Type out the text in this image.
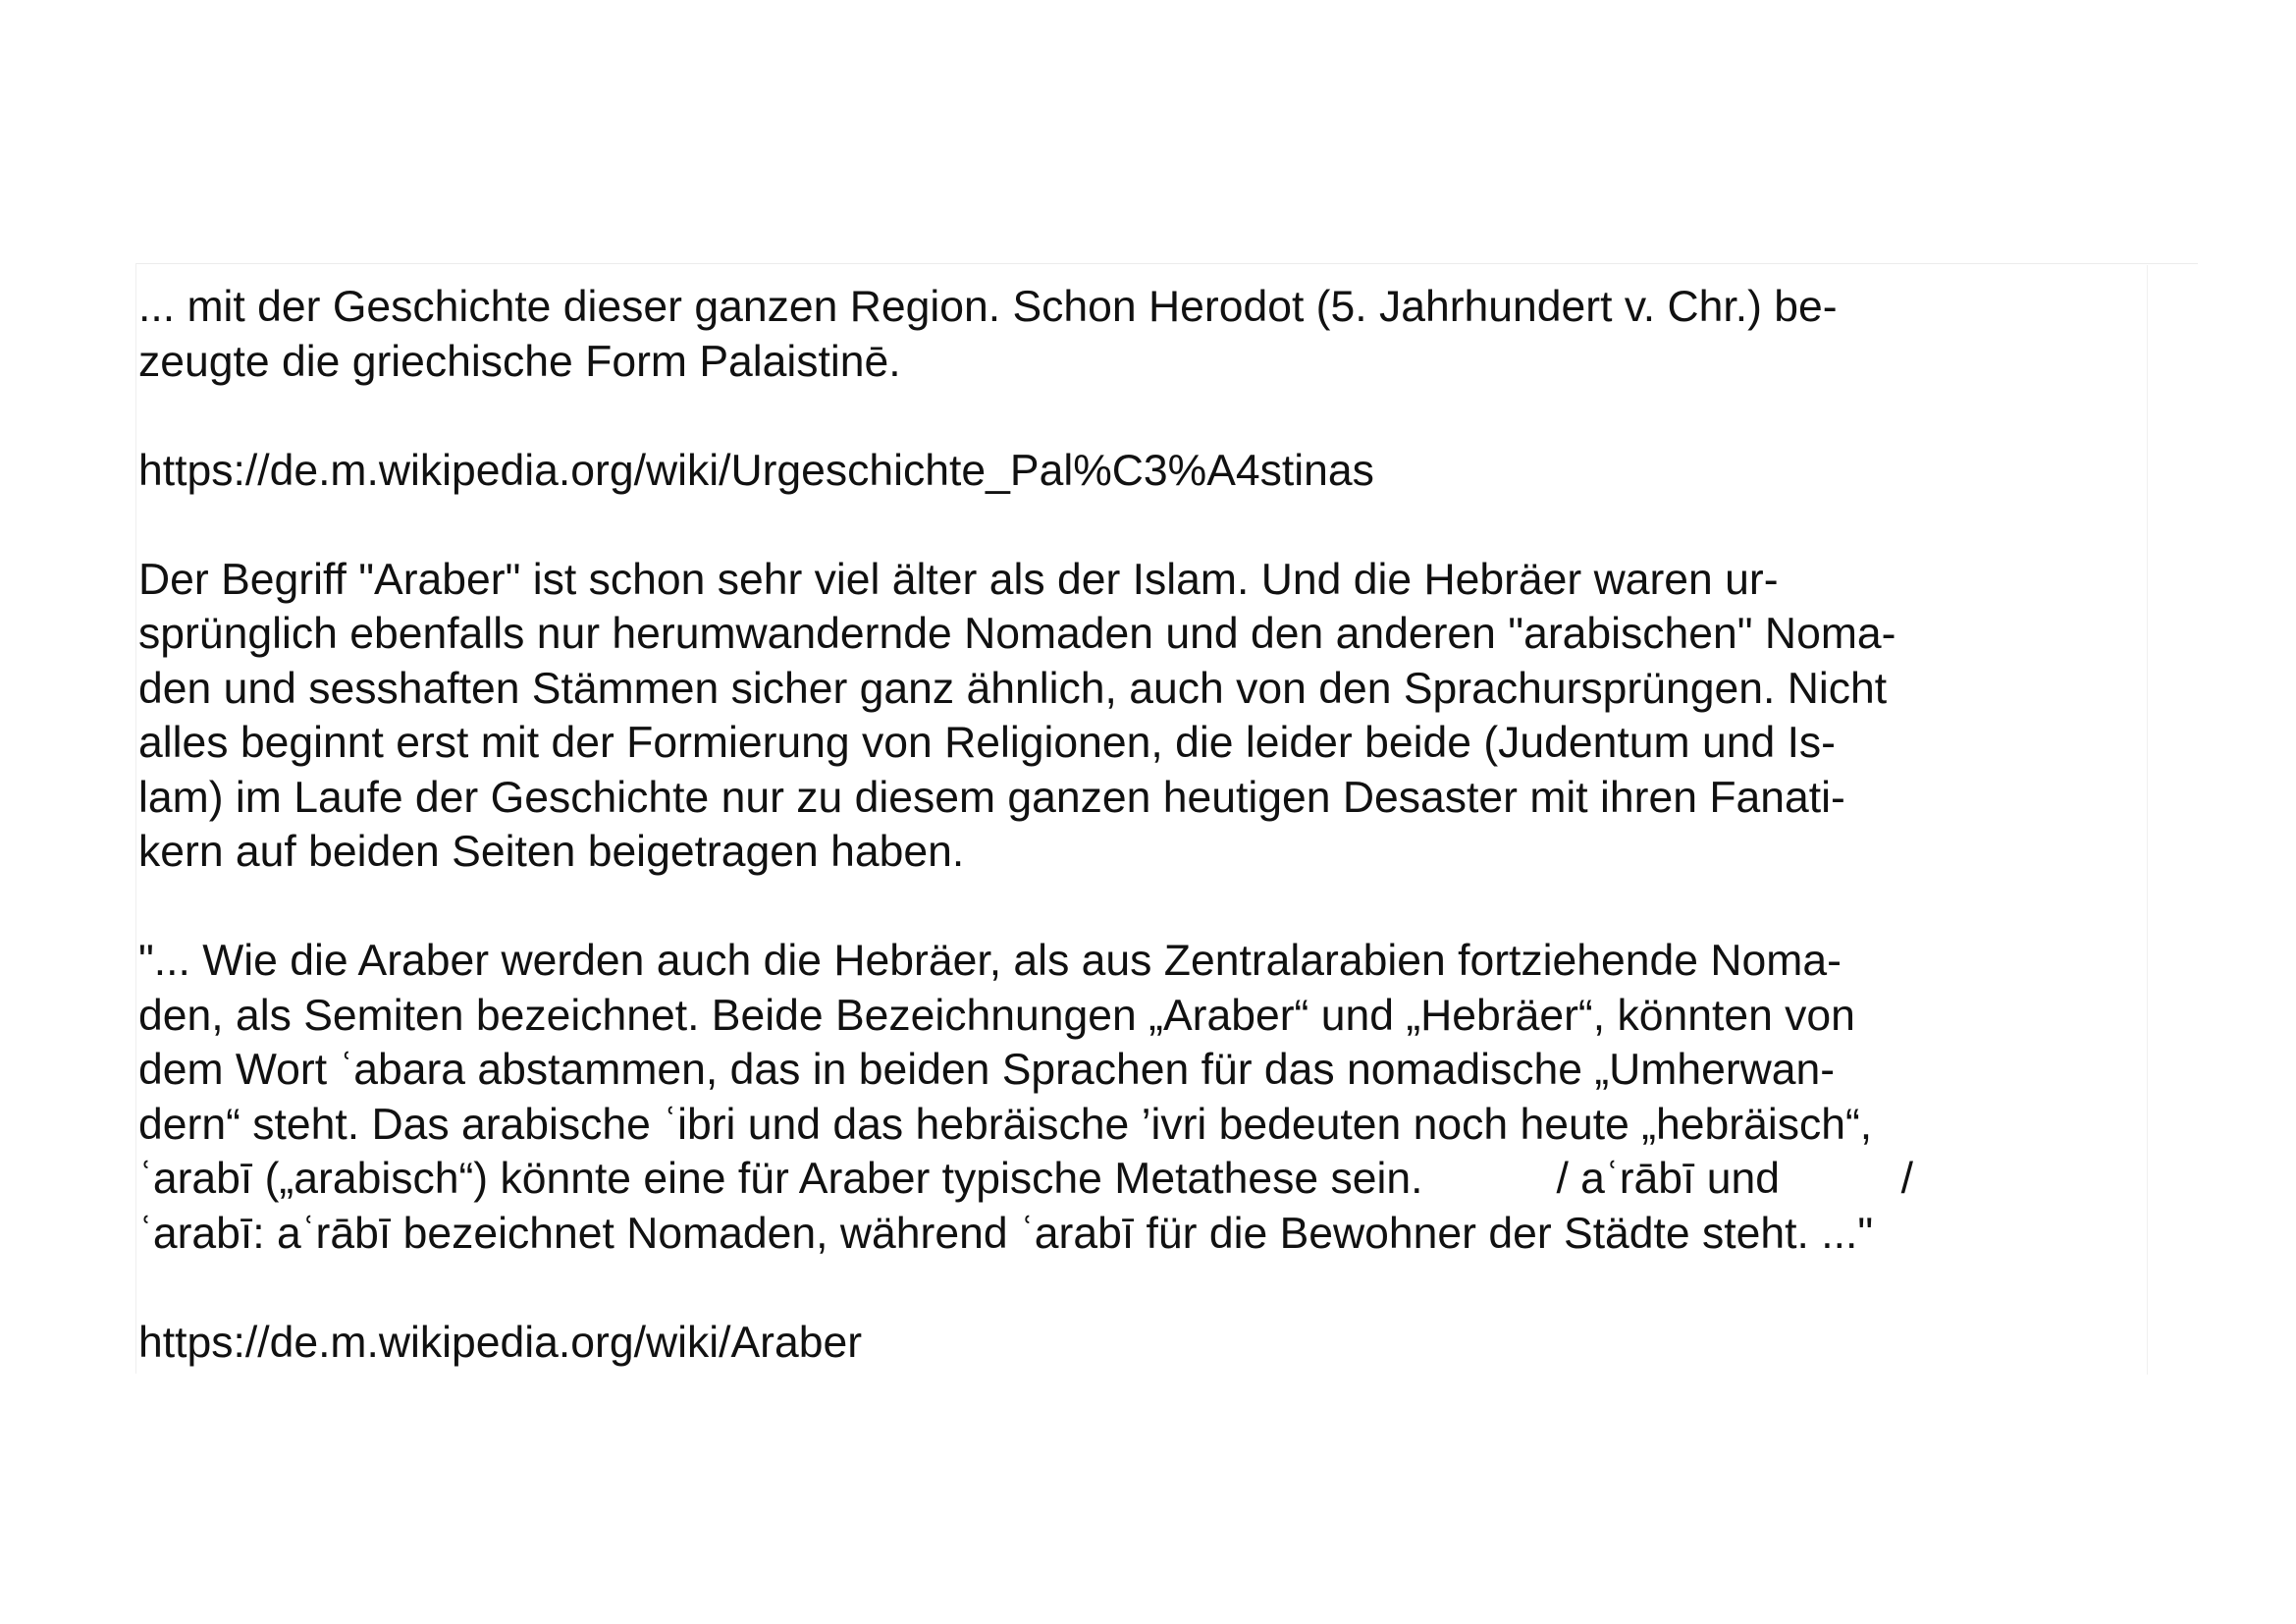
... mit der Geschichte dieser ganzen Region. Schon Herodot (5. Jahrhundert v. Chr.) be-
zeugte die griechische Form Palaistinē.
https://de.m.wikipedia.org/wiki/Urgeschichte_Pal%C3%A4stinas
Der Begriff "Araber" ist schon sehr viel älter als der Islam. Und die Hebräer waren ur-
sprünglich ebenfalls nur herumwandernde Nomaden und den anderen "arabischen" Noma-
den und sesshaften Stämmen sicher ganz ähnlich, auch von den Sprachursprüngen. Nicht
alles beginnt erst mit der Formierung von Religionen, die leider beide (Judentum und Is-
lam) im Laufe der Geschichte nur zu diesem ganzen heutigen Desaster mit ihren Fanati-
kern auf beiden Seiten beigetragen haben.
"... Wie die Araber werden auch die Hebräer, als aus Zentralarabien fortziehende Noma-
den, als Semiten bezeichnet. Beide Bezeichnungen „Araber“ und „Hebräer“, könnten von
dem Wort ʿabara abstammen, das in beiden Sprachen für das nomadische „Umherwan-
dern“ steht. Das arabische ʿibri und das hebräische ’ivri bedeuten noch heute „hebräisch“,
ʿarabī („arabisch“) könnte eine für Araber typische Metathese sein.           / aʿrābī und          /
ʿarabī: aʿrābī bezeichnet Nomaden, während ʿarabī für die Bewohner der Städte steht. ..."
https://de.m.wikipedia.org/wiki/Araber
